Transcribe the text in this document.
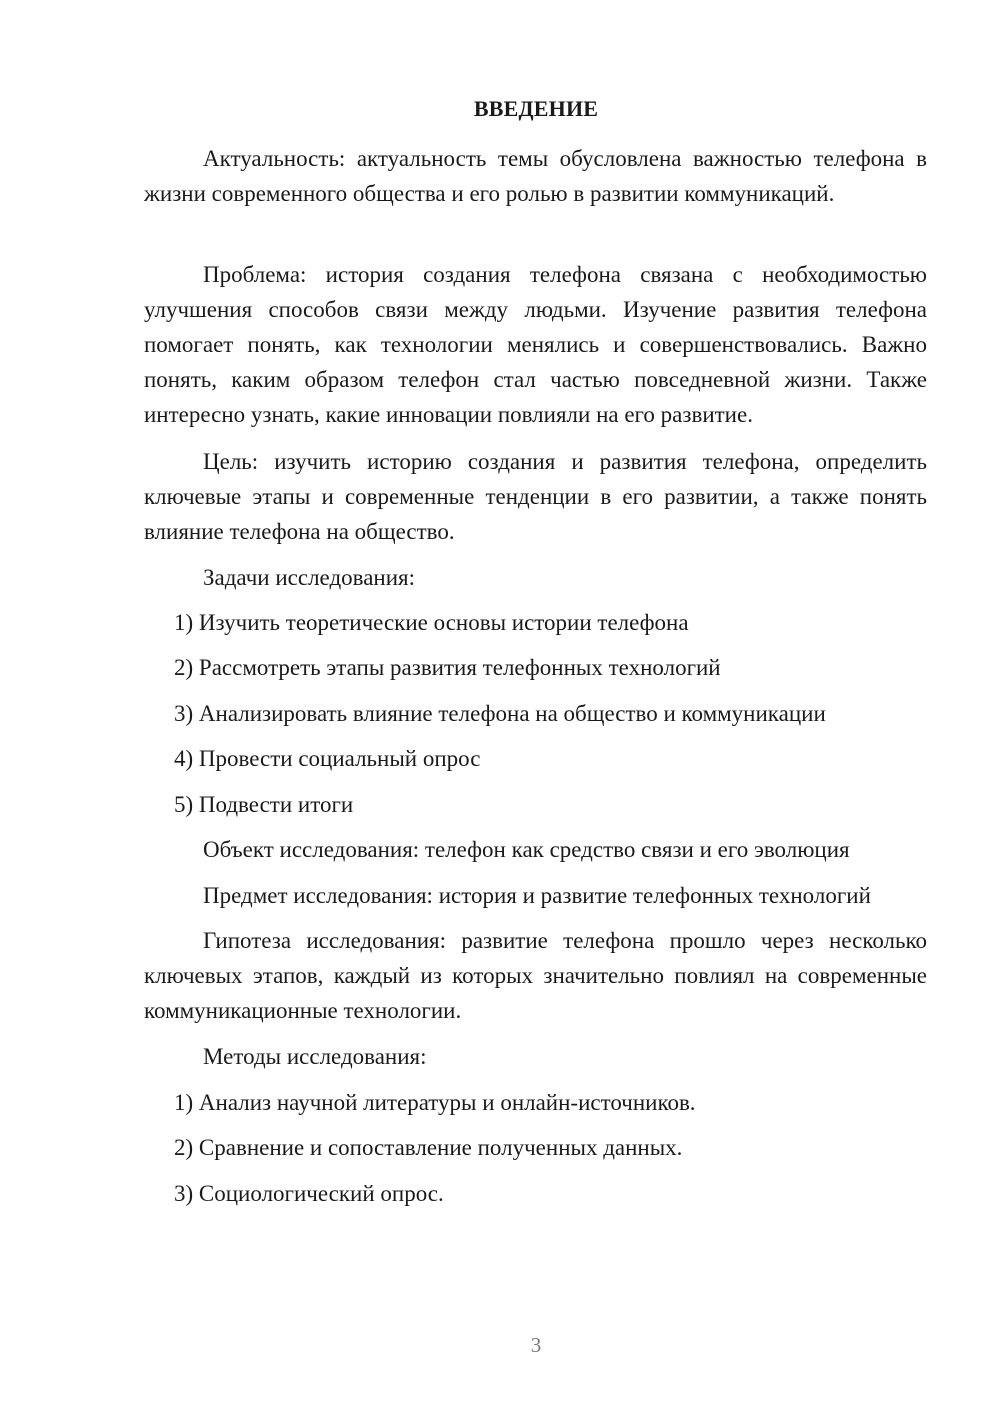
ВВЕДЕНИЕ

Актуальность: актуальность темы обусловлена важностью телефона в жизни современного общества и его ролью в развитии коммуникаций.

Проблема: история создания телефона связана с необходимостью улучшения способов связи между людьми. Изучение развития телефона помогает понять, как технологии менялись и совершенствовались. Важно понять, каким образом телефон стал частью повседневной жизни. Также интересно узнать, какие инновации повлияли на его развитие.

Цель: изучить историю создания и развития телефона, определить ключевые этапы и современные тенденции в его развитии, а также понять влияние телефона на общество.

Задачи исследования:

1) Изучить теоретические основы истории телефона

2) Рассмотреть этапы развития телефонных технологий

3) Анализировать влияние телефона на общество и коммуникации

4) Провести социальный опрос

5) Подвести итоги

Объект исследования: телефон как средство связи и его эволюция

Предмет исследования: история и развитие телефонных технологий

Гипотеза исследования: развитие телефона прошло через несколько ключевых этапов, каждый из которых значительно повлиял на современные коммуникационные технологии.

Методы исследования:

1) Анализ научной литературы и онлайн-источников.

2) Сравнение и сопоставление полученных данных.

3) Социологический опрос.

3
